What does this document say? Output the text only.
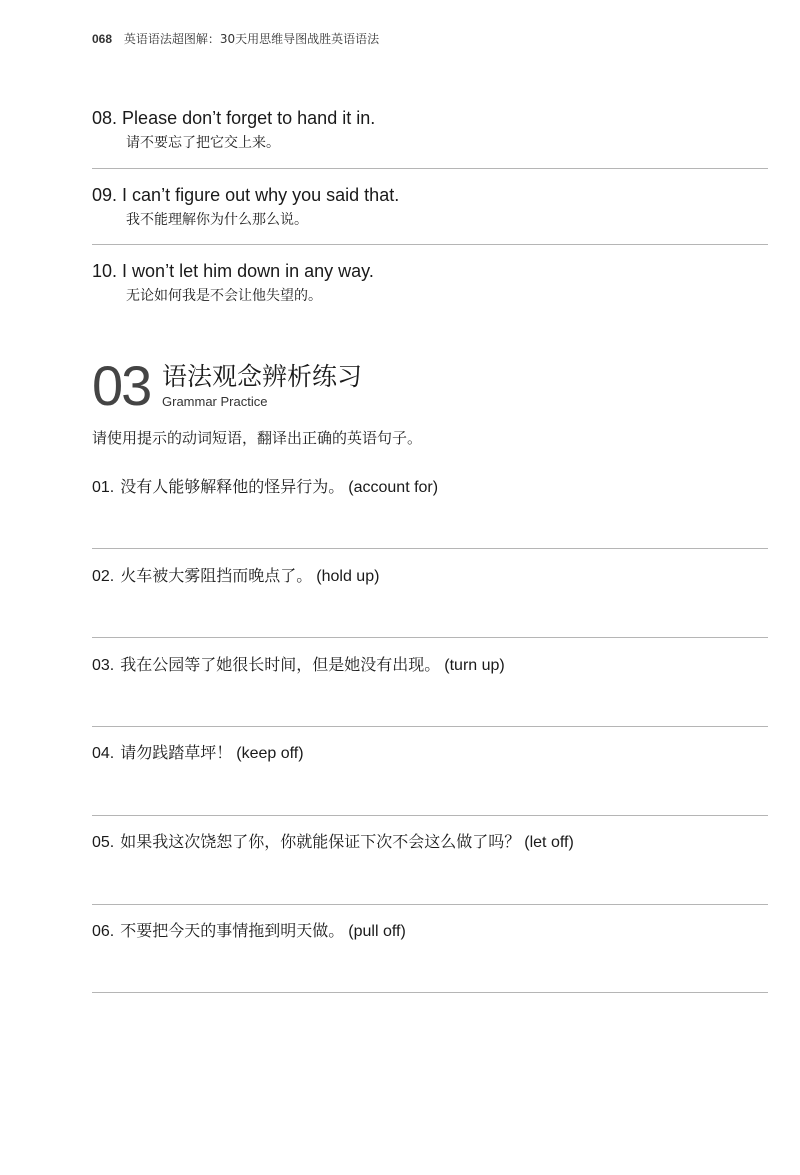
068 英语语法超图解：30天用思维导图战胜英语语法
08. Please don’t forget to hand it in.
请不要忘了把它交上来。
09. I can’t figure out why you said that.
我不能理解你为什么那么说。
10. I won’t let him down in any way.
无论如何我是不会让他失望的。
03 语法观念辨析练习
Grammar Practice
请使用提示的动词短语，翻译出正确的英语句子。
01. 没有人能够解释他的怪异行为。 (account for)
02. 火车被大雾阻挡而晚点了。 (hold up)
03. 我在公园等了她很长时间，但是她没有出现。 (turn up)
04. 请勿践踏草坪！ (keep off)
05. 如果我这次饶恕了你，你就能保证下次不会这么做了吗？ (let off)
06. 不要把今天的事情拖到明天做。 (pull off)
